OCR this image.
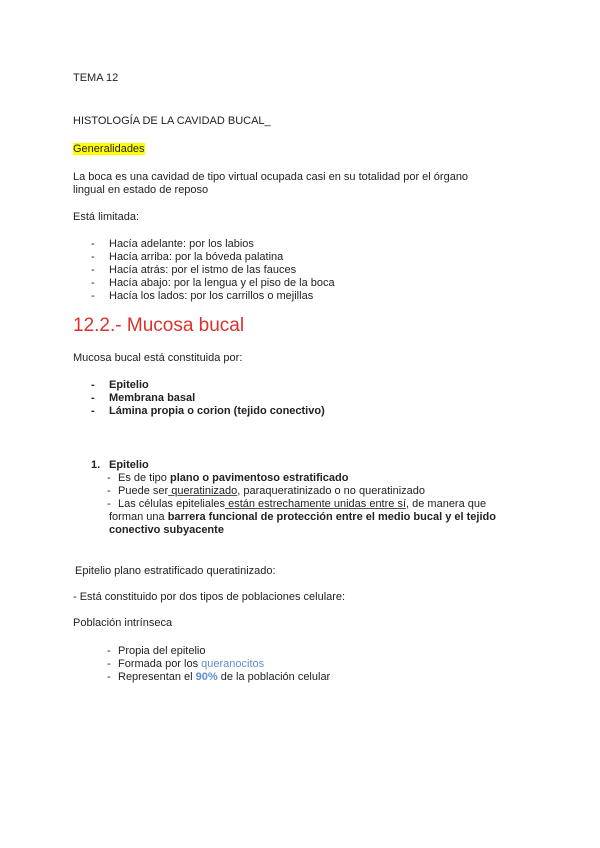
TEMA 12
HISTOLOGÍA DE LA CAVIDAD BUCAL_
Generalidades
La boca es una cavidad de tipo virtual ocupada casi en su totalidad por el órgano
lingual en estado de reposo
Está limitada:
- Hacía adelante: por los labios
- Hacía arriba: por la bóveda palatina
- Hacía atrás: por el istmo de las fauces
- Hacía abajo: por la lengua y el piso de la boca
- Hacía los lados: por los carrillos o mejillas
12.2.- Mucosa bucal
Mucosa bucal está constituida por:
- Epitelio
- Membrana basal
- Lámina propia o corion (tejido conectivo)
1. Epitelio
- Es de tipo plano o pavimentoso estratificado
- Puede ser queratinizado, paraqueratinizado o no queratinizado
- Las células epiteliales están estrechamente unidas entre sí, de manera que
forman una barrera funcional de protección entre el medio bucal y el tejido
conectivo subyacente
Epitelio plano estratificado queratinizado:
- Está constituido por dos tipos de poblaciones celulare:
Población intrínseca
- Propia del epitelio
- Formada por los queranocitos
- Representan el 90% de la población celular
